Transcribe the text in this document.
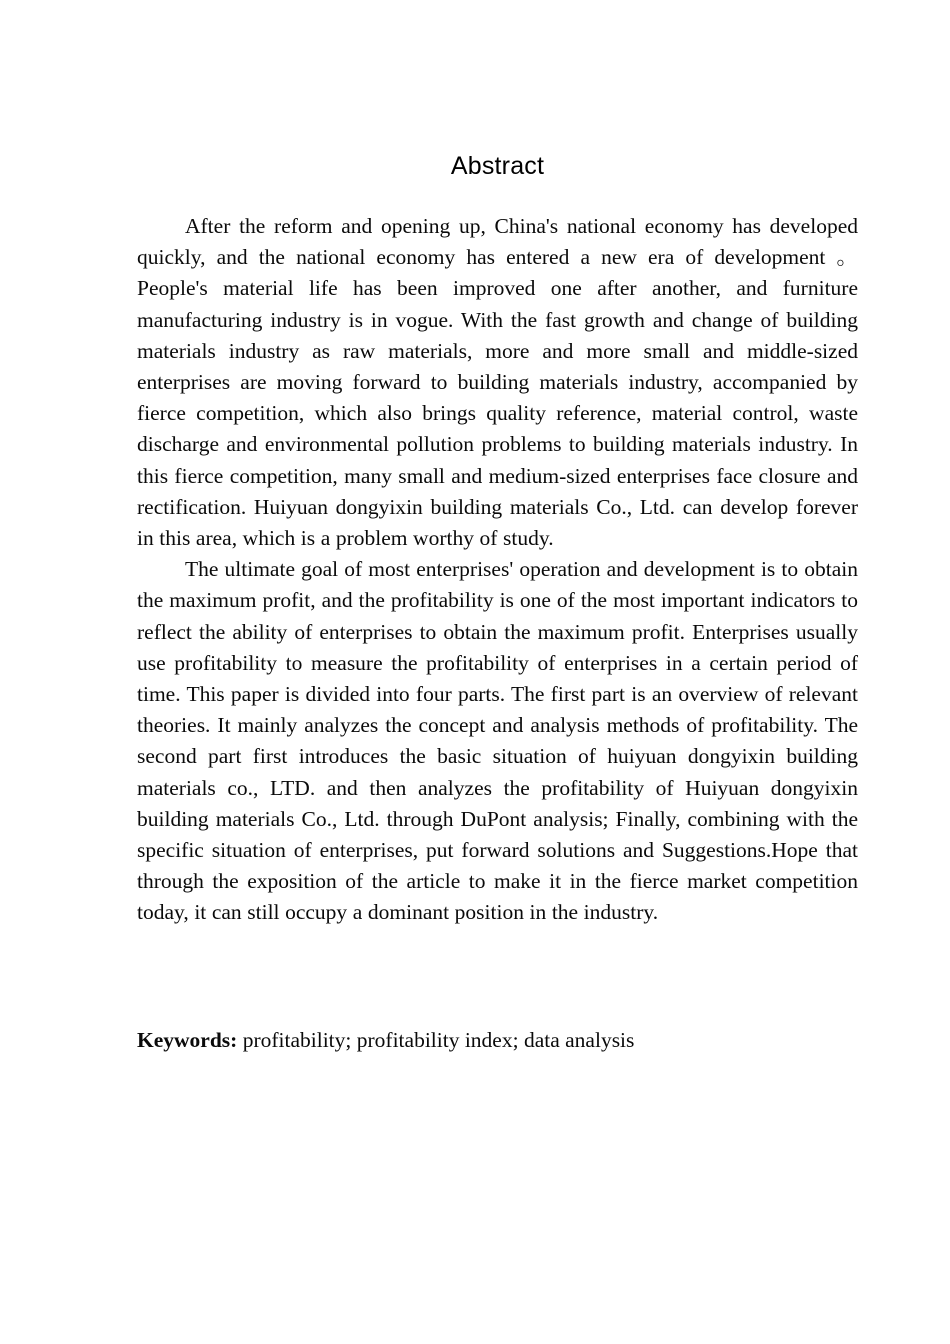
Abstract

After the reform and opening up, China's national economy has developed quickly, and the national economy has entered a new era of development 。People's material life has been improved one after another, and furniture manufacturing industry is in vogue. With the fast growth and change of building materials industry as raw materials, more and more small and middle-sized enterprises are moving forward to building materials industry, accompanied by fierce competition, which also brings quality reference, material control, waste discharge and environmental pollution problems to building materials industry. In this fierce competition, many small and medium-sized enterprises face closure and rectification. Huiyuan dongyixin building materials Co., Ltd. can develop forever in this area, which is a problem worthy of study.

The ultimate goal of most enterprises' operation and development is to obtain the maximum profit, and the profitability is one of the most important indicators to reflect the ability of enterprises to obtain the maximum profit. Enterprises usually use profitability to measure the profitability of enterprises in a certain period of time. This paper is divided into four parts. The first part is an overview of relevant theories. It mainly analyzes the concept and analysis methods of profitability. The second part first introduces the basic situation of huiyuan dongyixin building materials co., LTD. and then analyzes the profitability of Huiyuan dongyixin building materials Co., Ltd. through DuPont analysis; Finally, combining with the specific situation of enterprises, put forward solutions and Suggestions.Hope that through the exposition of the article to make it in the fierce market competition today, it can still occupy a dominant position in the industry.

Keywords: profitability; profitability index; data analysis
